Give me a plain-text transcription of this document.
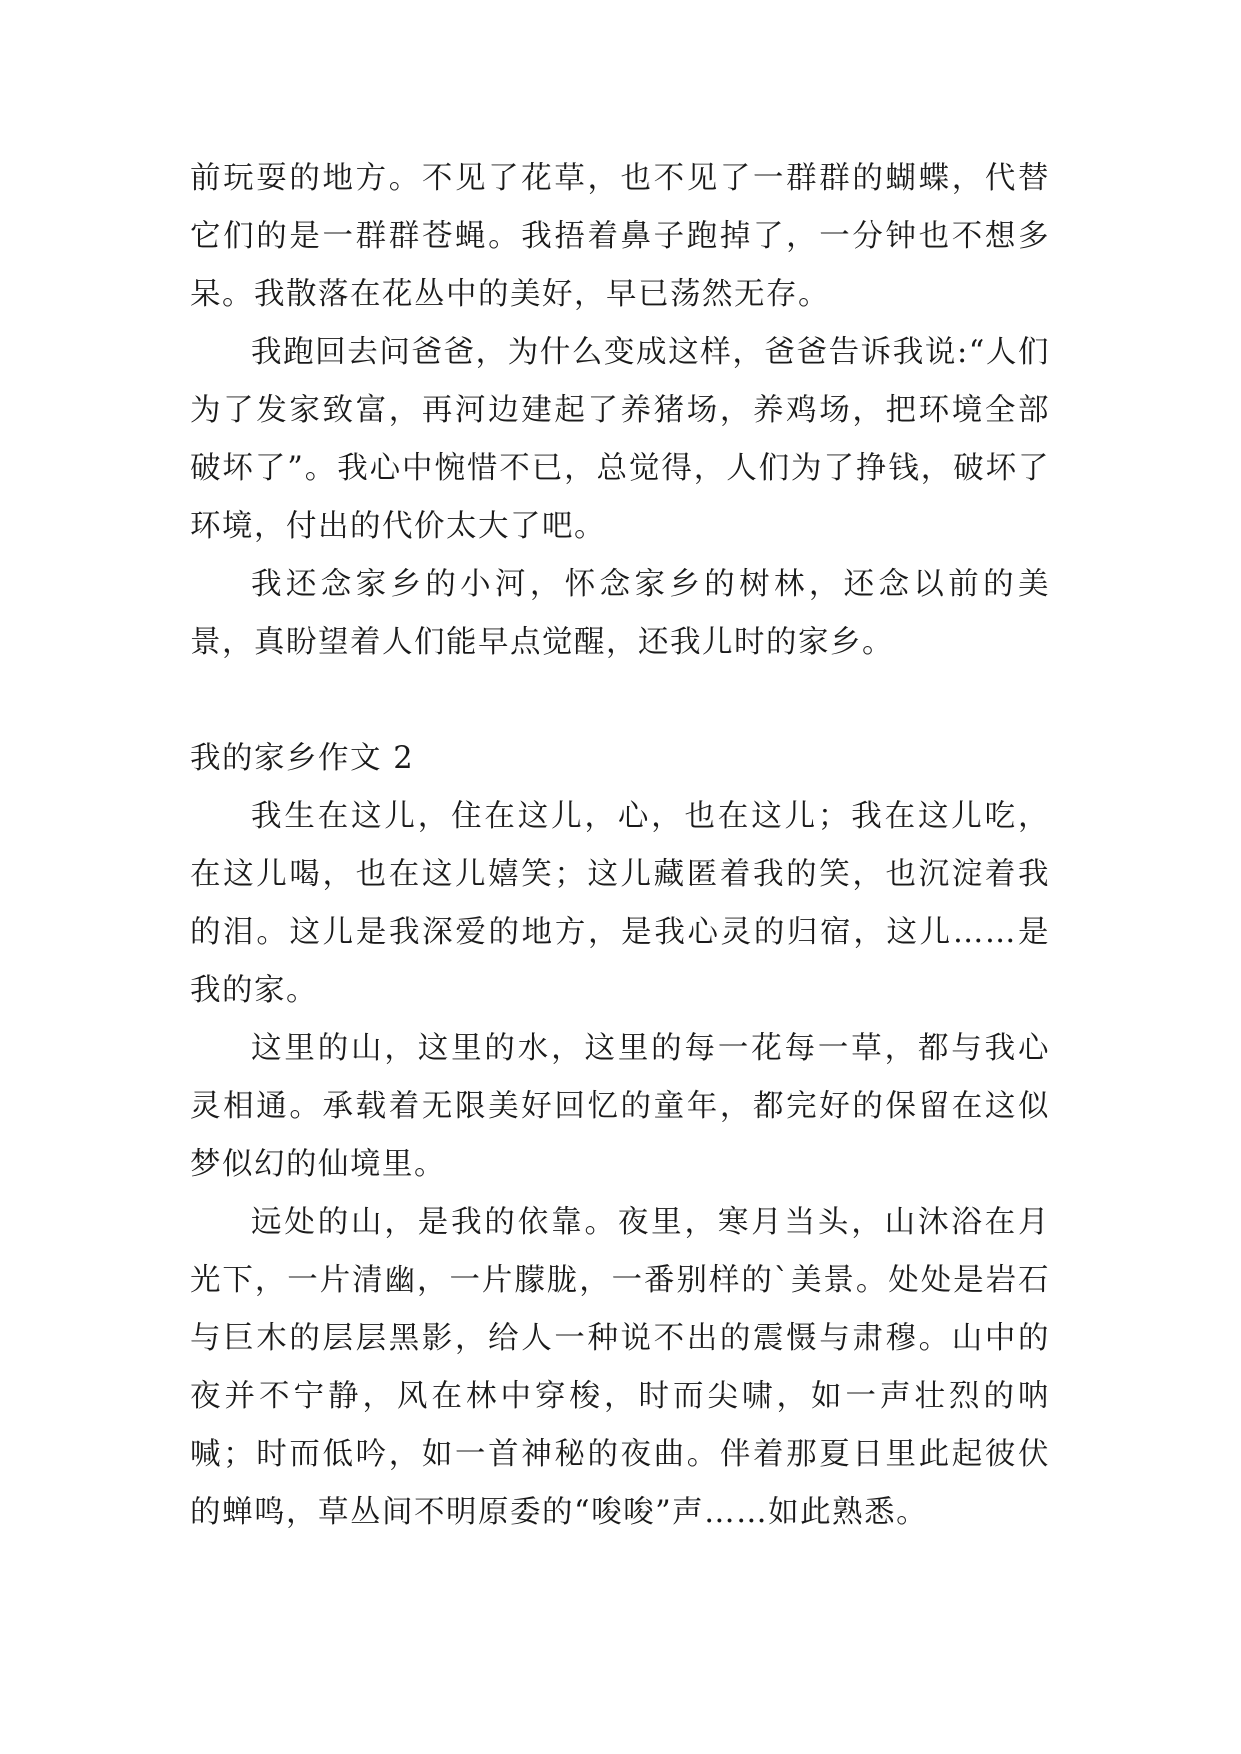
前玩耍的地方。不见了花草，也不见了一群群的蝴蝶，代替它们的是一群群苍蝇。我捂着鼻子跑掉了，一分钟也不想多呆。我散落在花丛中的美好，早已荡然无存。

我跑回去问爸爸，为什么变成这样，爸爸告诉我说:“人们为了发家致富，再河边建起了养猪场，养鸡场，把环境全部破坏了”。我心中惋惜不已，总觉得，人们为了挣钱，破坏了环境，付出的代价太大了吧。

我还念家乡的小河，怀念家乡的树林，还念以前的美景，真盼望着人们能早点觉醒，还我儿时的家乡。

我的家乡作文 2

我生在这儿，住在这儿，心，也在这儿；我在这儿吃，在这儿喝，也在这儿嬉笑；这儿藏匿着我的笑，也沉淀着我的泪。这儿是我深爱的地方，是我心灵的归宿，这儿……是我的家。

这里的山，这里的水，这里的每一花每一草，都与我心灵相通。承载着无限美好回忆的童年，都完好的保留在这似梦似幻的仙境里。

远处的山，是我的依靠。夜里，寒月当头，山沐浴在月光下，一片清幽，一片朦胧，一番别样的`美景。处处是岩石与巨木的层层黑影，给人一种说不出的震慑与肃穆。山中的夜并不宁静，风在林中穿梭，时而尖啸，如一声壮烈的呐喊；时而低吟，如一首神秘的夜曲。伴着那夏日里此起彼伏的蝉鸣，草丛间不明原委的“唆唆”声……如此熟悉。
